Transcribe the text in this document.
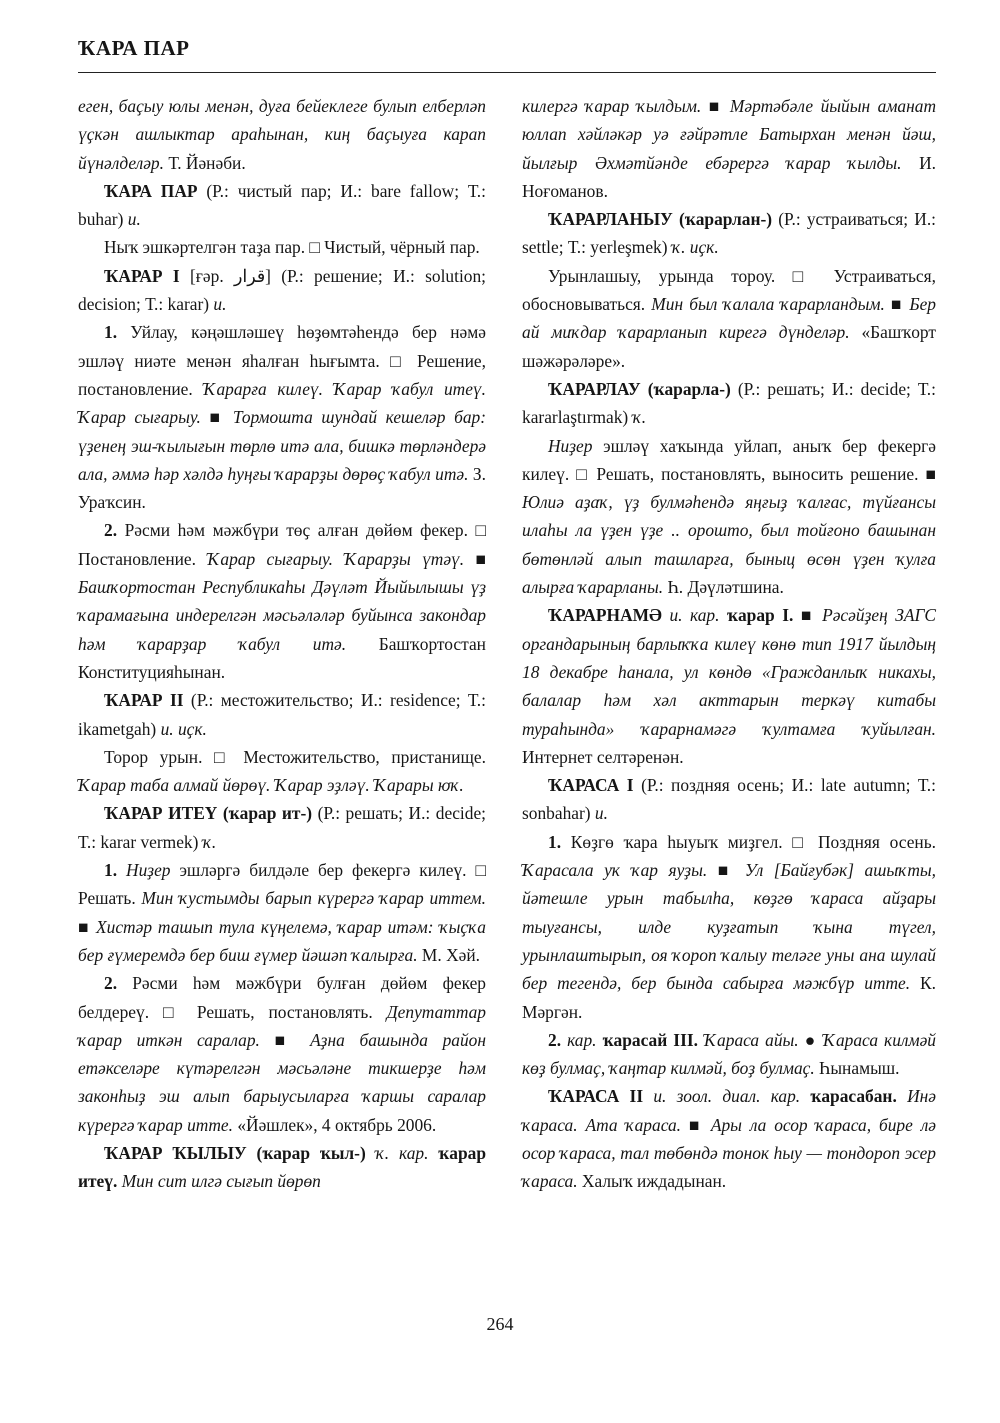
ҠАРА ПАР

еген, баҫыу юлы менән, дуға бейеклеге булып елберләп үҫкән ашлыктар араһынан, киң баҫыуға карап йүнәлделәр. Т. Йәнәби.

ҠАРА ПАР (Р.: чистый пар; И.: bare fallow; Т.: buhar) и.

Ныҡ эшкәртелгән таҙа пар. □ Чистый, чёрный пар.

ҠАРАР I [ғәр. قرار] (Р.: решение; И.: solution; decision; Т.: karar) и.

1. Уйлау, кәңәшләшеү һөҙөмтәһендә бер нәмә эшләү ниәте менән яһалған һығымта. □ Решение, постановление. Ҡарарға килеү. Ҡарар ҡабул итеү. Ҡарар сығарыу. ■ Тормошта шундай кешеләр бар: үҙенең эш-ҡылығын төрлө итә ала, бишкә төрләндерә ала, әммә һәр хәлдә һуңғы ҡарарҙы дөрөҫ ҡабул итә. З. Ураҡсин.

2. Рәсми һәм мәжбүри төҫ алған дөйөм фекер. □ Постановление. Ҡарар сығарыу. Ҡарарҙы үтәү. ■ Башҡортостан Республикаһы Дәүләт Йыйылышы үҙ ҡарамағына индерелгән мәсьәләләр буйынса закондар һәм ҡарарҙар ҡабул итә. Башҡортостан Конституцияһынан.

ҠАРАР II (Р.: местожительство; И.: residence; Т.: ikametgah) и. иҫк.

Торор урын. □ Местожительство, пристанище. Ҡарар таба алмай йөрөү. Ҡарар эҙләү. Ҡарары юҡ.

ҠАРАР ИТЕҮ (ҡарар ит-) (Р.: решать; И.: decide; Т.: karar vermek) ҡ.

1. Ниҙер эшләргә билдәле бер фекергә килеү. □ Решать. Мин ҡустымды барып күрергә ҡарар иттем. ■ Хистәр ташып тула күңелемә, ҡарар итәм: ҡыҫҡа бер ғүмеремдә бер биш ғүмер йәшәп ҡалырға. М. Хәй.

2. Рәсми һәм мәжбүри булған дөйөм фекер белдереү. □ Решать, постановлять. Депутаттар ҡарар иткән саралар. ■ Аҙна башында район етәкселәре күтәрелгән мәсьәләне тикшерҙе һәм законһыҙ эш алып барыусыларға ҡаршы саралар күрергә ҡарар итте. «Йәшлек», 4 октябрь 2006.

ҠАРАР ҠЫЛЫУ (ҡарар ҡыл-) ҡ. кар. ҡарар итеү. Мин сит илгә сығып йөрөп

килергә ҡарар ҡылдым. ■ Мәртәбәле йыйын аманат юллап хәйләкәр уә ғәйрәтле Батырхан менән йәш, йылғыр Әхмәтйәнде ебәрергә ҡарар ҡылды. И. Ноғоманов.

ҠАРАРЛАНЫУ (ҡарарлан-) (Р.: устраиваться; И.: settle; Т.: yerleşmek) ҡ. иҫк.

Урынлашыу, урында тороу. □ Устраиваться, обосновываться. Мин был ҡалала ҡарарландым. ■ Бер ай миҡдар ҡарарланып кирегә дүнделәр. «Башҡорт шәжәрәләре».

ҠАРАРЛАУ (ҡарарла-) (Р.: решать; И.: decide; Т.: kararlaştırmak) ҡ.

Ниҙер эшләү хаҡында уйлап, аныҡ бер фекергә килеү. □ Решать, постановлять, выносить решение. ■ Юлиә аҙаҡ, үҙ булмәһендә яңғыҙ ҡалғас, түйғансы илаһы ла үҙен үҙе .. орошто, был тойғоно башынан бөтөнләй алып ташларға, быныц өсөн үҙен ҡулға алырға ҡарарланы. Һ. Дәүләтшина.

ҠАРАРНАМӘ и. кар. ҡарар I. ■ Рәсәйҙең ЗАГС органдарының барлыҡҡа килеү көнө тип 1917 йылдың 18 декабре һанала, ул көндө «Гражданлыҡ никахы, балалар һәм хәл акттарын теркәү китабы тураһында» ҡарарнамәгә ҡултамға ҡуйылған. Интернет селтәренән.

ҠАРАСА I (Р.: поздняя осень; И.: late autumn; Т.: sonbahar) и.

1. Көҙгө ҡара һыуыҡ миҙгел. □ Поздняя осень. Ҡарасала уҡ ҡар яуҙы. ■ Ул [Байғубәк] ашыҡты, йәтешле урын табылһа, көҙгө ҡараса айҙары тыуғансы, илде куҙғатып ҡына түгел, урынлаштырып, оя ҡороп ҡалыу теләге уны ана шулай бер тегендә, бер бында сабырға мәжбүр итте. К. Мәргән.

2. кар. ҡарасай III. Ҡараса айы. ● Ҡараса килмәй көҙ булмаҫ, ҡаңтар килмәй, боҙ булмаҫ. Һынамыш.

ҠАРАСА II и. зоол. диал. кар. ҡарасабан. Инә ҡараса. Ата ҡараса. ■ Ары ла осор ҡараса, бире лә осор ҡараса, тал төбөндә тонок һыу — тондороп эсер ҡараса. Халыҡ иждадынан.

264
